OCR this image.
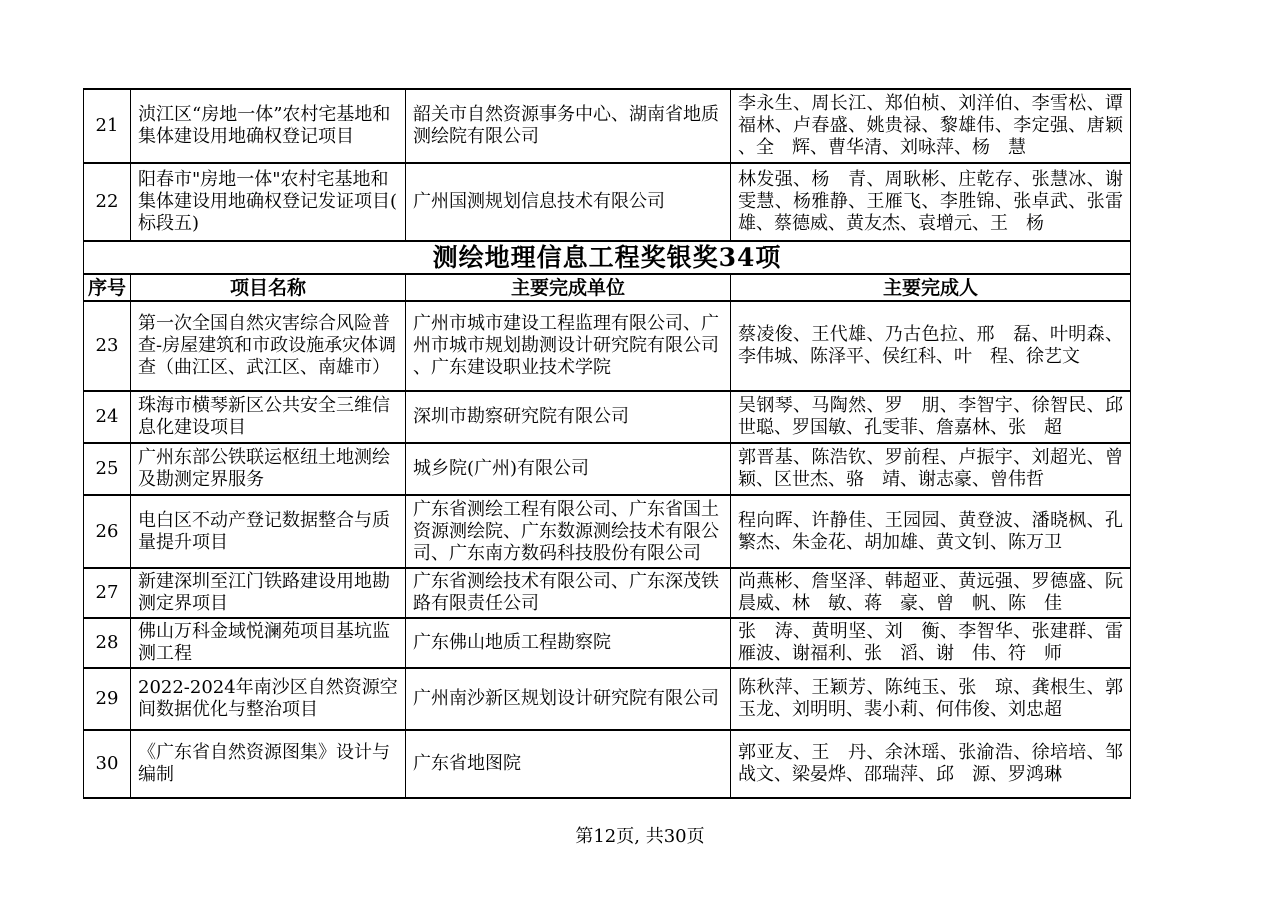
21	浈江区“房地一体”农村宅基地和集体建设用地确权登记项目	韶关市自然资源事务中心、湖南省地质测绘院有限公司	李永生、周长江、郑伯桢、刘洋伯、李雪松、谭福林、卢春盛、姚贵禄、黎雄伟、李定强、唐颖、全　辉、曹华清、刘咏萍、杨　慧
22	阳春市"房地一体"农村宅基地和集体建设用地确权登记发证项目(标段五)	广州国测规划信息技术有限公司	林发强、杨　青、周耿彬、庄乾存、张慧冰、谢雯慧、杨雅静、王雁飞、李胜锦、张卓武、张雷雄、蔡德威、黄友杰、袁增元、王　杨
测绘地理信息工程奖银奖34项			
序号	项目名称	主要完成单位	主要完成人
23	第一次全国自然灾害综合风险普查-房屋建筑和市政设施承灾体调查（曲江区、武江区、南雄市）	广州市城市建设工程监理有限公司、广州市城市规划勘测设计研究院有限公司、广东建设职业技术学院	蔡凌俊、王代雄、乃古色拉、邢　磊、叶明森、李伟城、陈泽平、侯红科、叶　程、徐艺文
24	珠海市横琴新区公共安全三维信息化建设项目	深圳市勘察研究院有限公司	吴钢琴、马陶然、罗　朋、李智宇、徐智民、邱世聪、罗国敏、孔雯菲、詹嘉林、张　超
25	广州东部公铁联运枢纽土地测绘及勘测定界服务	城乡院(广州)有限公司	郭晋基、陈浩钦、罗前程、卢振宇、刘超光、曾颖、区世杰、骆　靖、谢志豪、曾伟哲
26	电白区不动产登记数据整合与质量提升项目	广东省测绘工程有限公司、广东省国土资源测绘院、广东数源测绘技术有限公司、广东南方数码科技股份有限公司	程向晖、许静佳、王园园、黄登波、潘晓枫、孔繁杰、朱金花、胡加雄、黄文钊、陈万卫
27	新建深圳至江门铁路建设用地勘测定界项目	广东省测绘技术有限公司、广东深茂铁路有限责任公司	尚燕彬、詹坚泽、韩超亚、黄远强、罗德盛、阮晨威、林　敏、蒋　豪、曾　帆、陈　佳
28	佛山万科金域悦澜苑项目基坑监测工程	广东佛山地质工程勘察院	张　涛、黄明坚、刘　衡、李智华、张建群、雷雁波、谢福利、张　滔、谢　伟、符　师
29	2022-2024年南沙区自然资源空间数据优化与整治项目	广州南沙新区规划设计研究院有限公司	陈秋萍、王颖芳、陈纯玉、张　琼、龚根生、郭玉龙、刘明明、裴小莉、何伟俊、刘忠超
30	《广东省自然资源图集》设计与编制	广东省地图院	郭亚友、王　丹、余沐瑶、张渝浩、徐培培、邹战文、梁晏烨、邵瑞萍、邱　源、罗鸿琳
第12页, 共30页
